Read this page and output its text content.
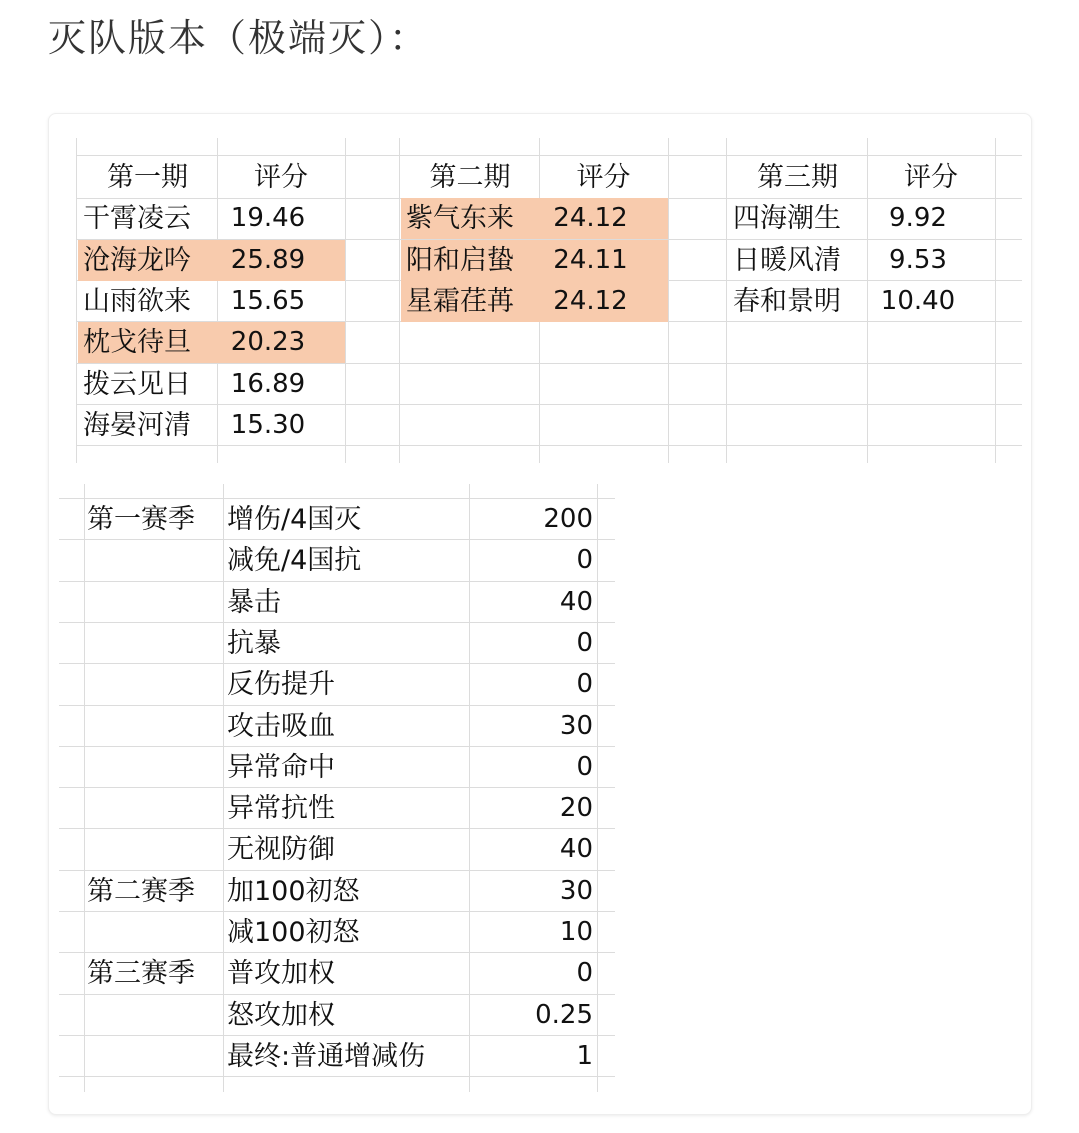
灭队版本（极端灭）：
第一期	评分
干霄凌云	19.46
沧海龙吟	25.89
山雨欲来	15.65
枕戈待旦	20.23
拨云见日	16.89
海晏河清	15.30
第二期	评分
紫气东来	24.12
阳和启蛰	24.11
星霜荏苒	24.12
第三期	评分
四海潮生	9.92
日暖风清	9.53
春和景明	10.40
第一赛季	增伤/4国灭	200
减免/4国抗	0
暴击	40
抗暴	0
反伤提升	0
攻击吸血	30
异常命中	0
异常抗性	20
无视防御	40
第二赛季	加100初怒	30
减100初怒	10
第三赛季	普攻加权	0
怒攻加权	0.25
最终:普通增减伤	1
